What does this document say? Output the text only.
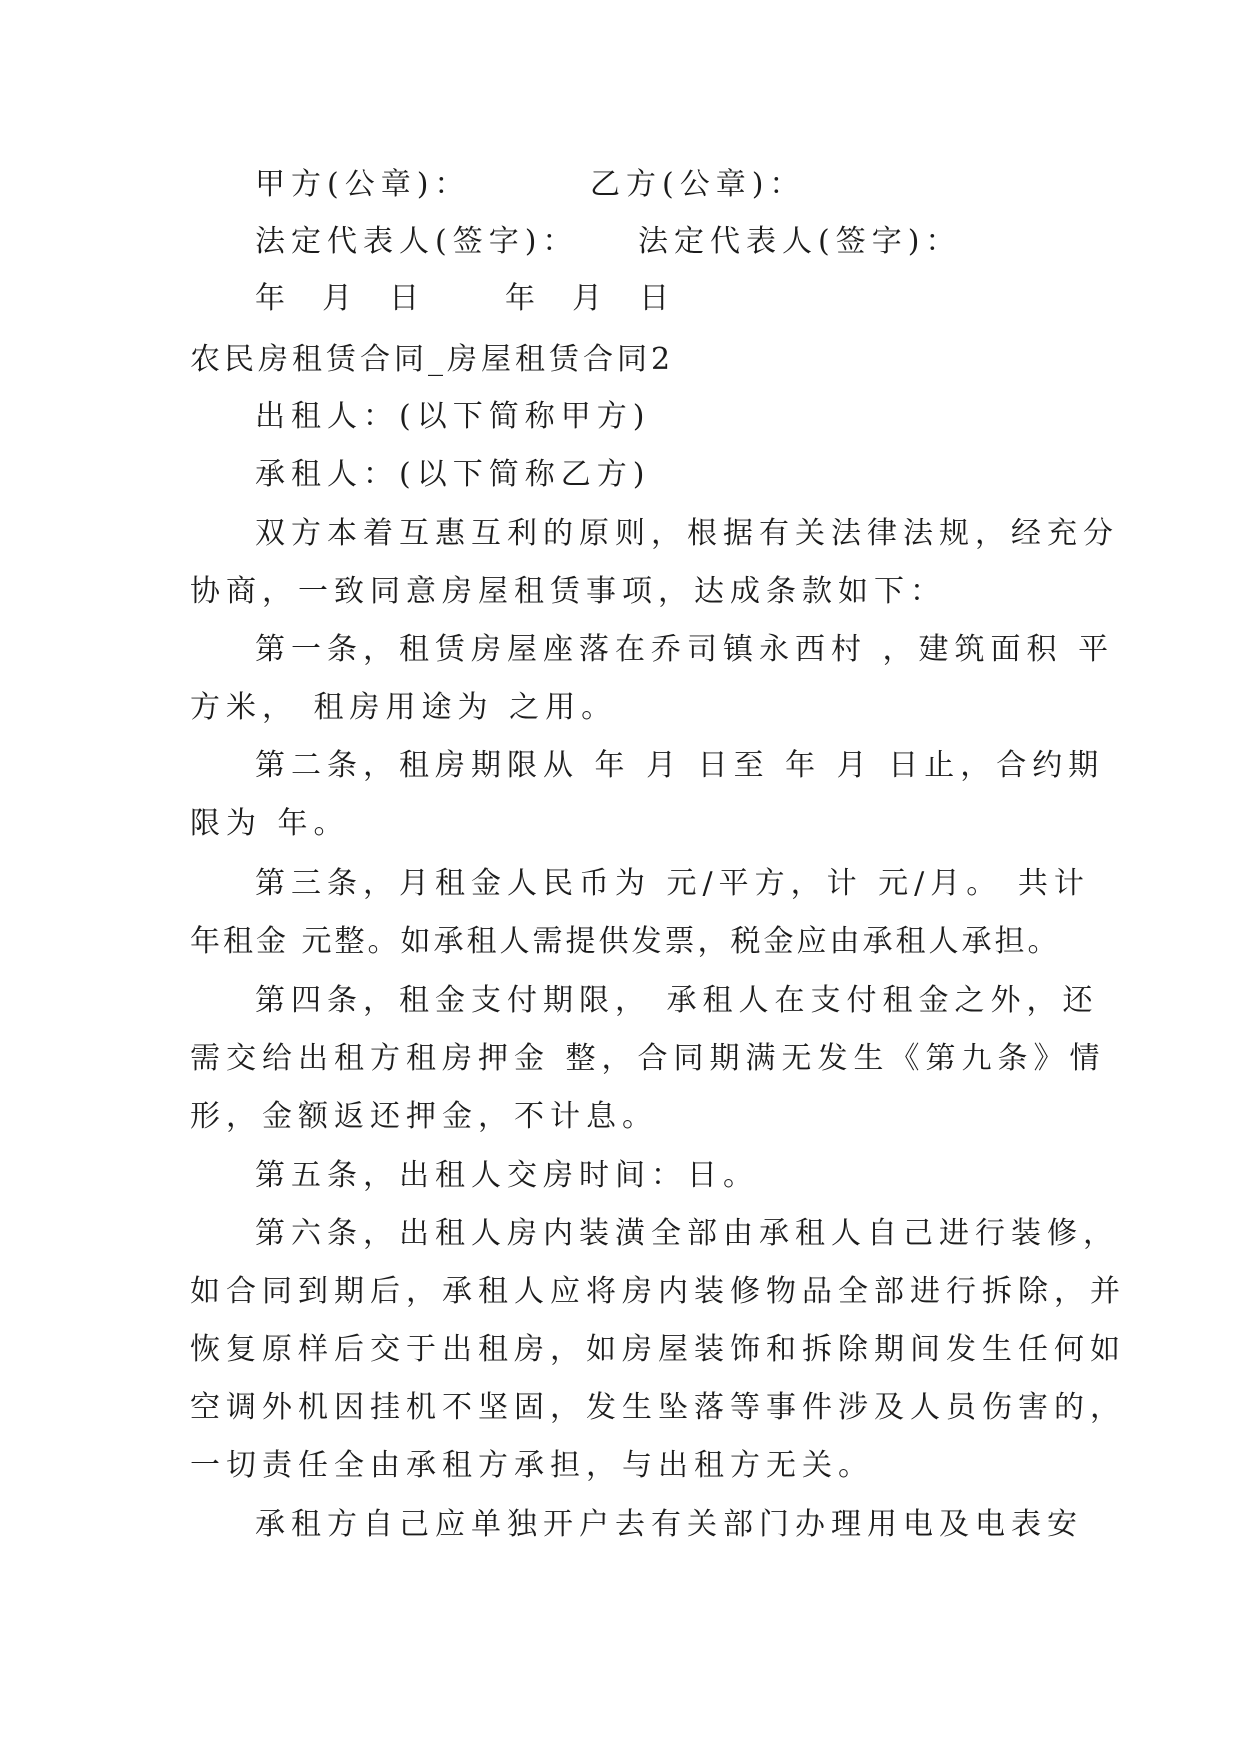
甲方(公章)：	乙方(公章)：
法定代表人(签字)： 法定代表人(签字)：
年  月  日	年  月  日
农民房租赁合同_房屋租赁合同2
出租人：(以下简称甲方)
承租人：(以下简称乙方)
双方本着互惠互利的原则，根据有关法律法规，经充分
协商，一致同意房屋租赁事项，达成条款如下：
第一条，租赁房屋座落在乔司镇永西村 ，建筑面积 平
方米， 租房用途为 之用。
第二条，租房期限从 年 月 日至 年 月 日止，合约期
限为 年。
第三条，月租金人民币为 元/平方，计 元/月。 共计
年租金 元整。如承租人需提供发票，税金应由承租人承担。
第四条，租金支付期限， 承租人在支付租金之外，还
需交给出租方租房押金 整，合同期满无发生《第九条》情
形，金额返还押金，不计息。
第五条，出租人交房时间：日。
第六条，出租人房内装潢全部由承租人自己进行装修，
如合同到期后，承租人应将房内装修物品全部进行拆除，并
恢复原样后交于出租房，如房屋装饰和拆除期间发生任何如
空调外机因挂机不坚固，发生坠落等事件涉及人员伤害的，
一切责任全由承租方承担，与出租方无关。
承租方自己应单独开户去有关部门办理用电及电表安
